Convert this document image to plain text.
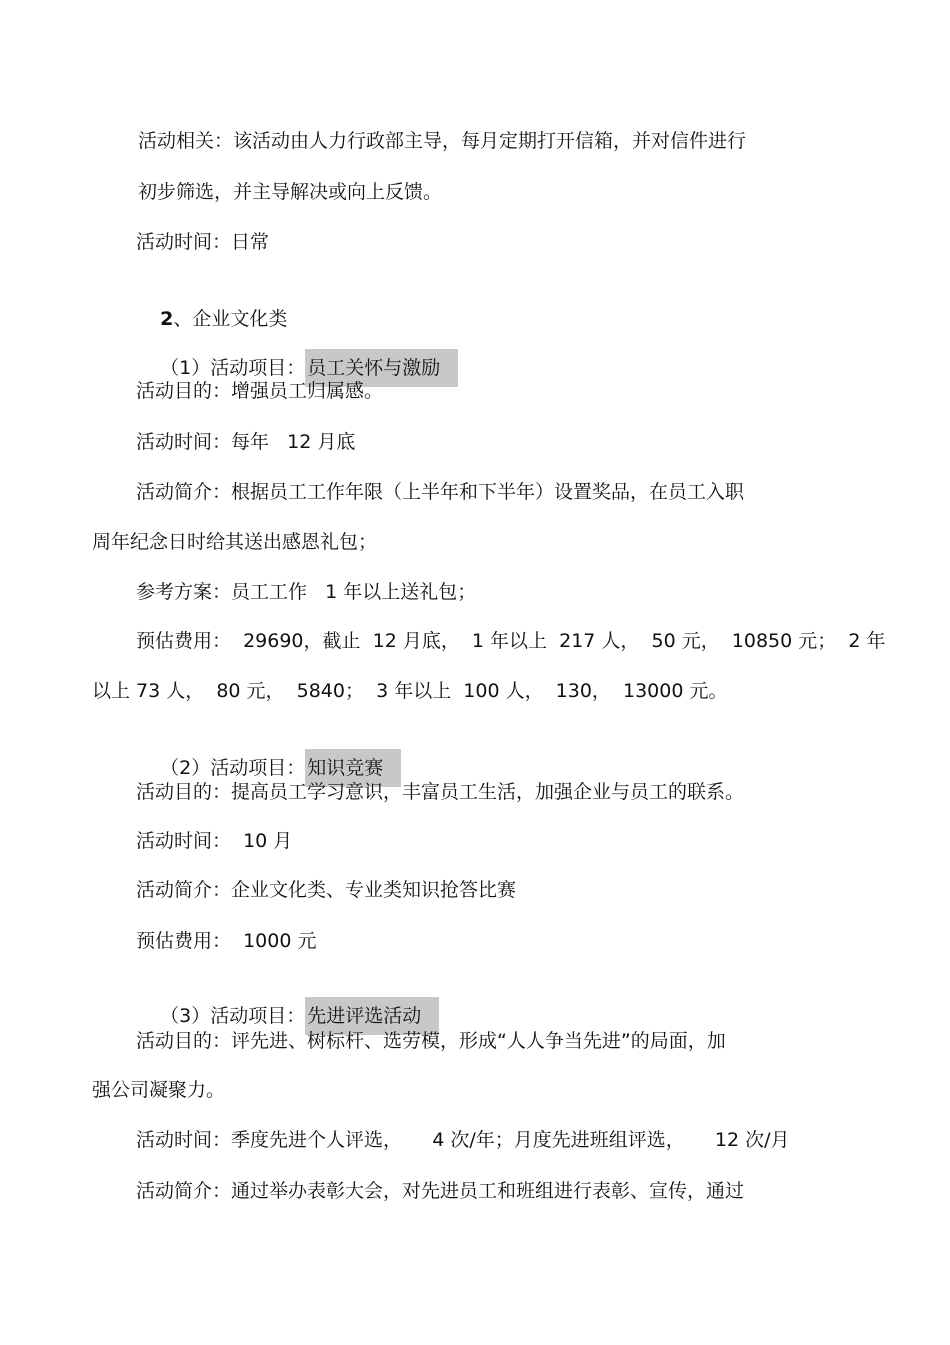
活动相关：该活动由人力行政部主导，每月定期打开信箱，并对信件进行
初步筛选，并主导解决或向上反馈。
活动时间：日常

2、企业文化类

（1）活动项目： 员工关怀与激励

活动目的：增强员工归属感。
活动时间：每年   12 月底
活动简介：根据员工工作年限（上半年和下半年）设置奖品，在员工入职
周年纪念日时给其送出感恩礼包；
参考方案：员工工作   1 年以上送礼包；
预估费用：  29690，截止  12 月底，  1 年以上  217 人，  50 元，  10850 元；  2 年
以上 73 人，  80 元，  5840；  3 年以上  100 人，  130，  13000 元。

（2）活动项目： 知识竞赛

活动目的：提高员工学习意识，丰富员工生活，加强企业与员工的联系。
活动时间：  10 月
活动简介：企业文化类、专业类知识抢答比赛
预估费用：  1000 元

（3）活动项目： 先进评选活动

活动目的：评先进、树标杆、选劳模，形成“人人争当先进”的局面，加
强公司凝聚力。
活动时间：季度先进个人评选，     4 次/年；月度先进班组评选，     12 次/月
活动简介：通过举办表彰大会，对先进员工和班组进行表彰、宣传，通过
